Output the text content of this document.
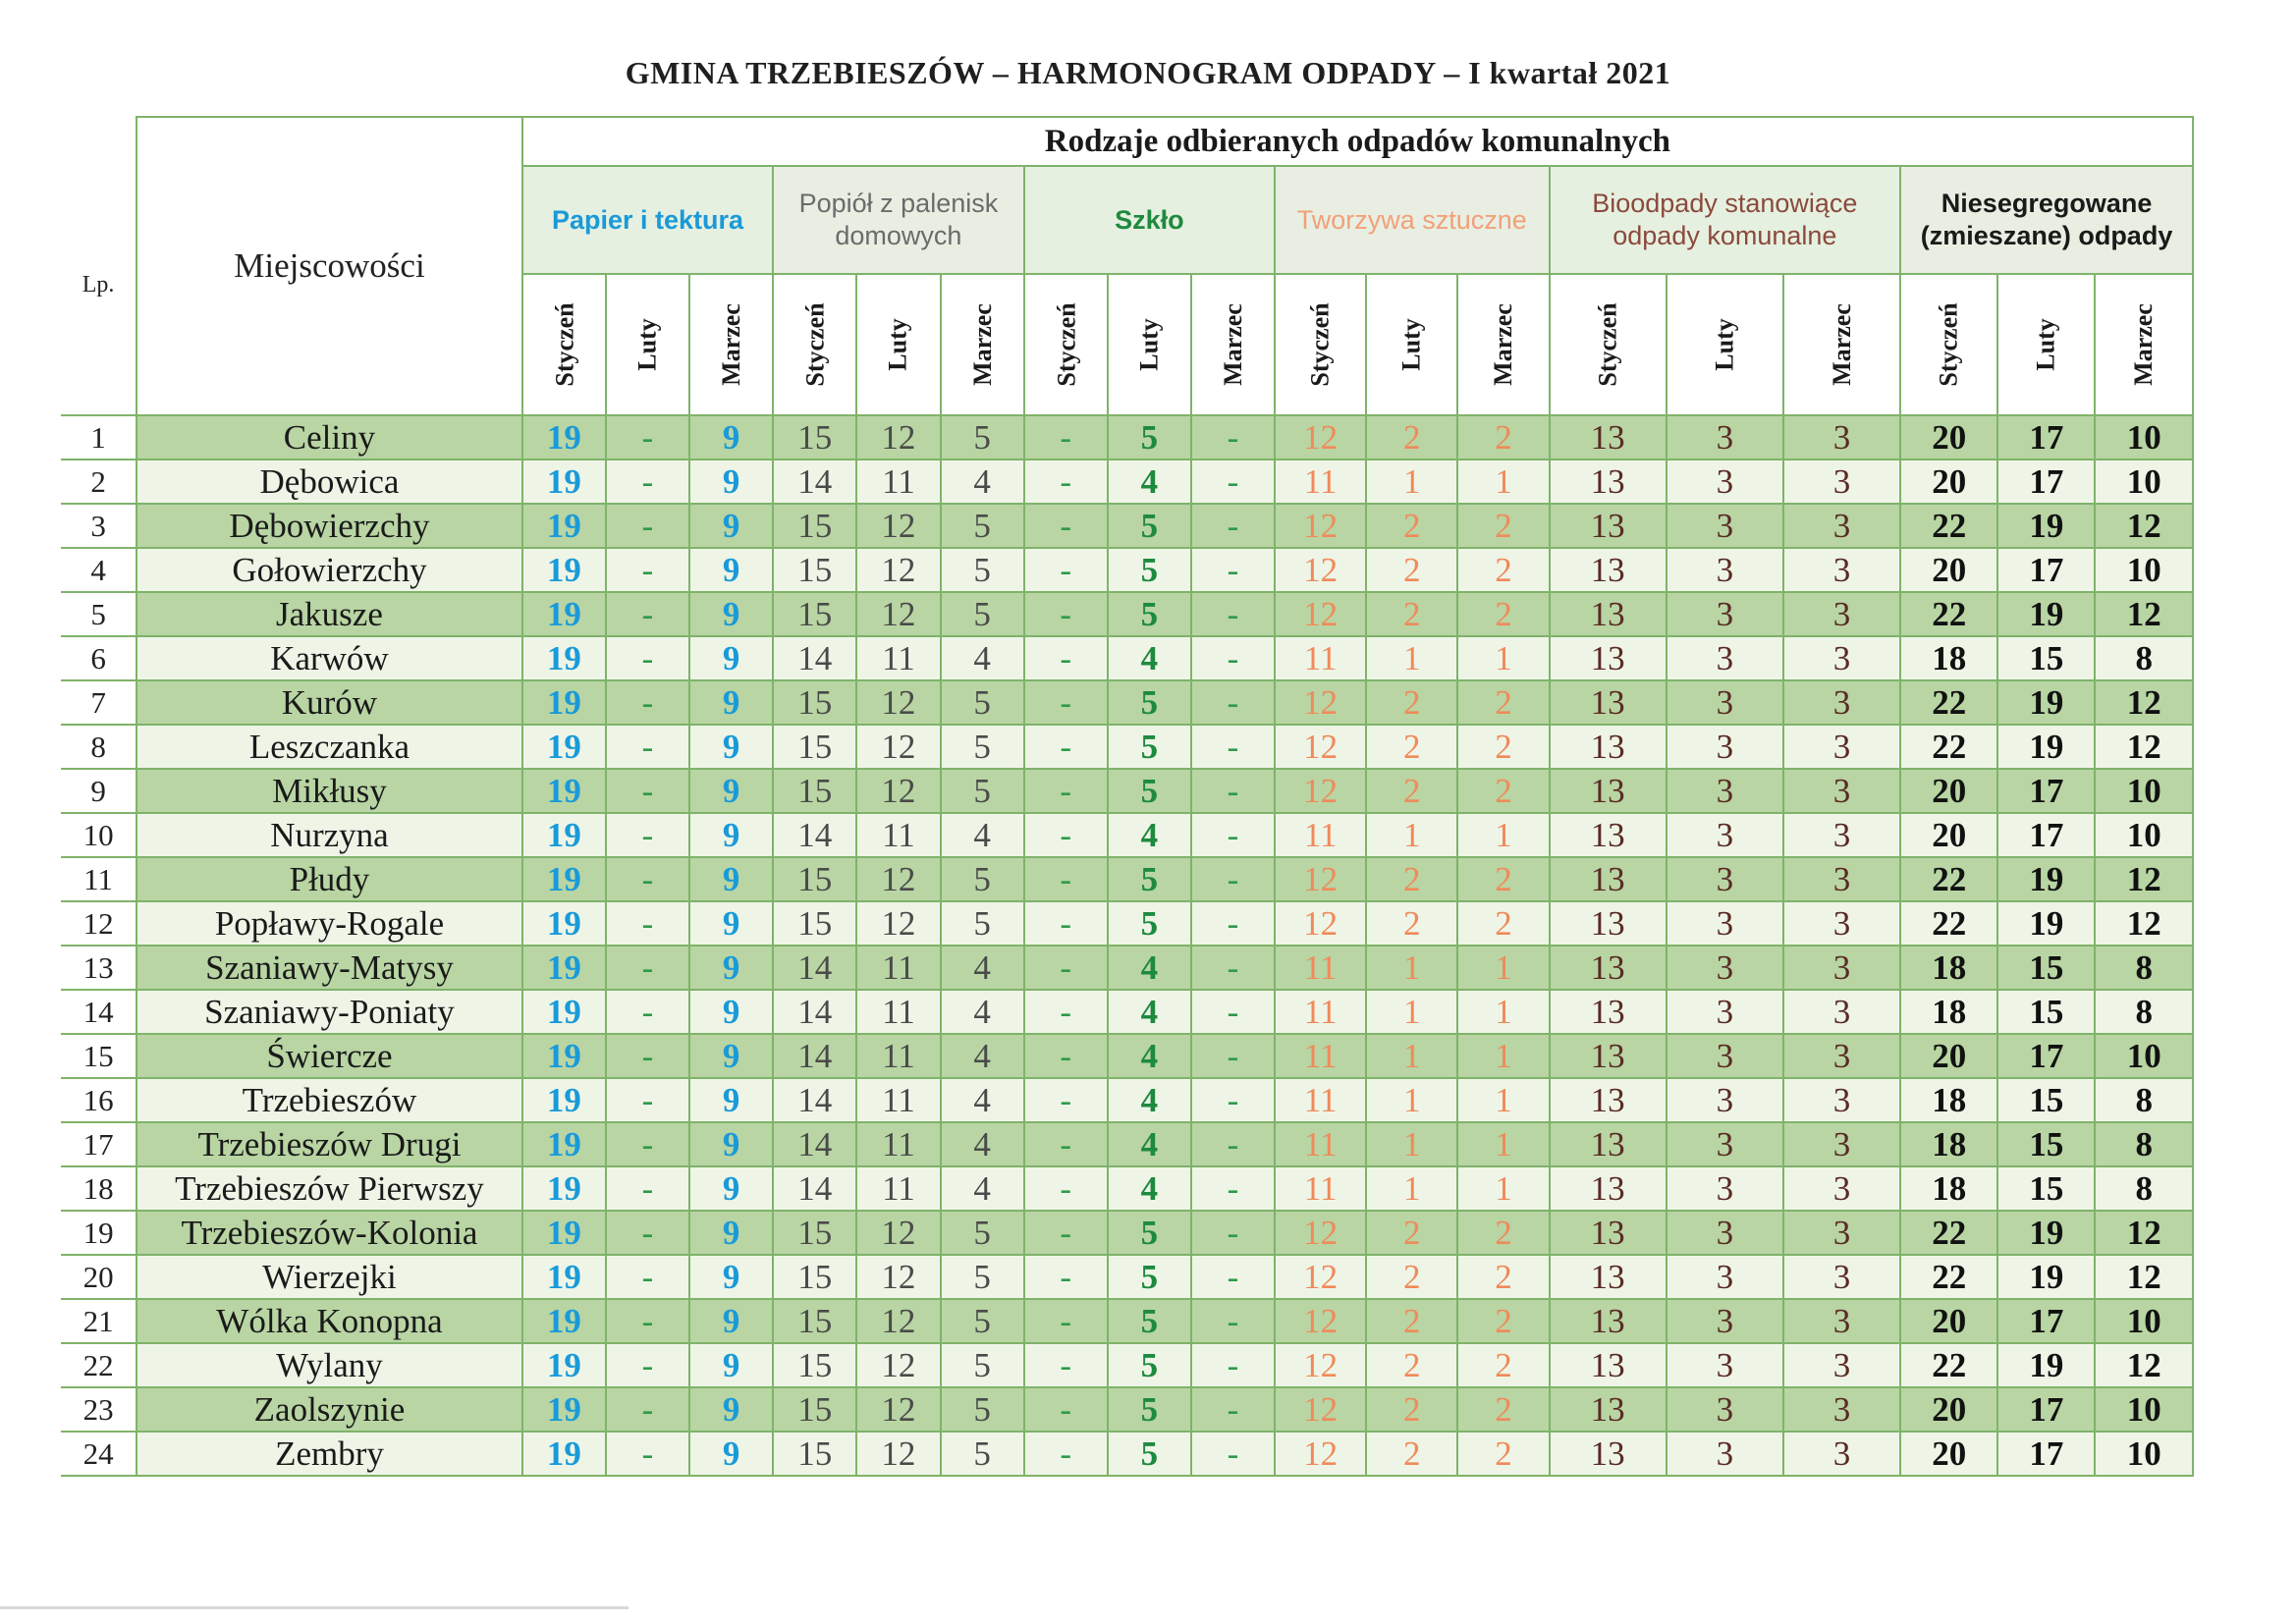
GMINA TRZEBIESZÓW – HARMONOGRAM ODPADY – I kwartał 2021
Lp.	Miejscowości	Rodzaje odbieranych odpadów komunalnych																	
		Papier i tektura			Popiół z palenisk domowych			Szkło			Tworzywa sztuczne			Bioodpady stanowiące odpady komunalne			Niesegregowane (zmieszane) odpady		
		Styczeń	Luty	Marzec	Styczeń	Luty	Marzec	Styczeń	Luty	Marzec	Styczeń	Luty	Marzec	Styczeń	Luty	Marzec	Styczeń	Luty	Marzec
1	Celiny	19	-	9	15	12	5	-	5	-	12	2	2	13	3	3	20	17	10
2	Dębowica	19	-	9	14	11	4	-	4	-	11	1	1	13	3	3	20	17	10
3	Dębowierzchy	19	-	9	15	12	5	-	5	-	12	2	2	13	3	3	22	19	12
4	Gołowierzchy	19	-	9	15	12	5	-	5	-	12	2	2	13	3	3	20	17	10
5	Jakusze	19	-	9	15	12	5	-	5	-	12	2	2	13	3	3	22	19	12
6	Karwów	19	-	9	14	11	4	-	4	-	11	1	1	13	3	3	18	15	8
7	Kurów	19	-	9	15	12	5	-	5	-	12	2	2	13	3	3	22	19	12
8	Leszczanka	19	-	9	15	12	5	-	5	-	12	2	2	13	3	3	22	19	12
9	Mikłusy	19	-	9	15	12	5	-	5	-	12	2	2	13	3	3	20	17	10
10	Nurzyna	19	-	9	14	11	4	-	4	-	11	1	1	13	3	3	20	17	10
11	Płudy	19	-	9	15	12	5	-	5	-	12	2	2	13	3	3	22	19	12
12	Popławy-Rogale	19	-	9	15	12	5	-	5	-	12	2	2	13	3	3	22	19	12
13	Szaniawy-Matysy	19	-	9	14	11	4	-	4	-	11	1	1	13	3	3	18	15	8
14	Szaniawy-Poniaty	19	-	9	14	11	4	-	4	-	11	1	1	13	3	3	18	15	8
15	Świercze	19	-	9	14	11	4	-	4	-	11	1	1	13	3	3	20	17	10
16	Trzebieszów	19	-	9	14	11	4	-	4	-	11	1	1	13	3	3	18	15	8
17	Trzebieszów Drugi	19	-	9	14	11	4	-	4	-	11	1	1	13	3	3	18	15	8
18	Trzebieszów Pierwszy	19	-	9	14	11	4	-	4	-	11	1	1	13	3	3	18	15	8
19	Trzebieszów-Kolonia	19	-	9	15	12	5	-	5	-	12	2	2	13	3	3	22	19	12
20	Wierzejki	19	-	9	15	12	5	-	5	-	12	2	2	13	3	3	22	19	12
21	Wólka Konopna	19	-	9	15	12	5	-	5	-	12	2	2	13	3	3	20	17	10
22	Wylany	19	-	9	15	12	5	-	5	-	12	2	2	13	3	3	22	19	12
23	Zaolszynie	19	-	9	15	12	5	-	5	-	12	2	2	13	3	3	20	17	10
24	Zembry	19	-	9	15	12	5	-	5	-	12	2	2	13	3	3	20	17	10
